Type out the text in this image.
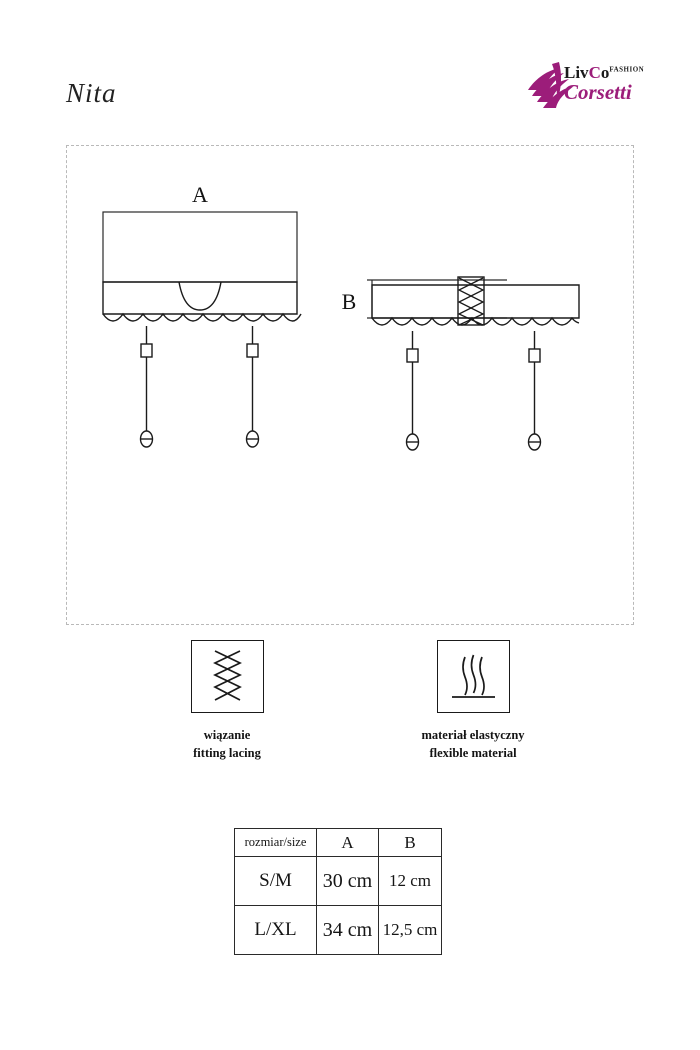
Nita
LivCo$^{FASHION}$
Corsetti
A
B
wiązanie
fitting lacing
materiał elastyczny
flexible material
rozmiar/size	A	B
S/M	30 cm	12 cm
L/XL	34 cm	12,5 cm
